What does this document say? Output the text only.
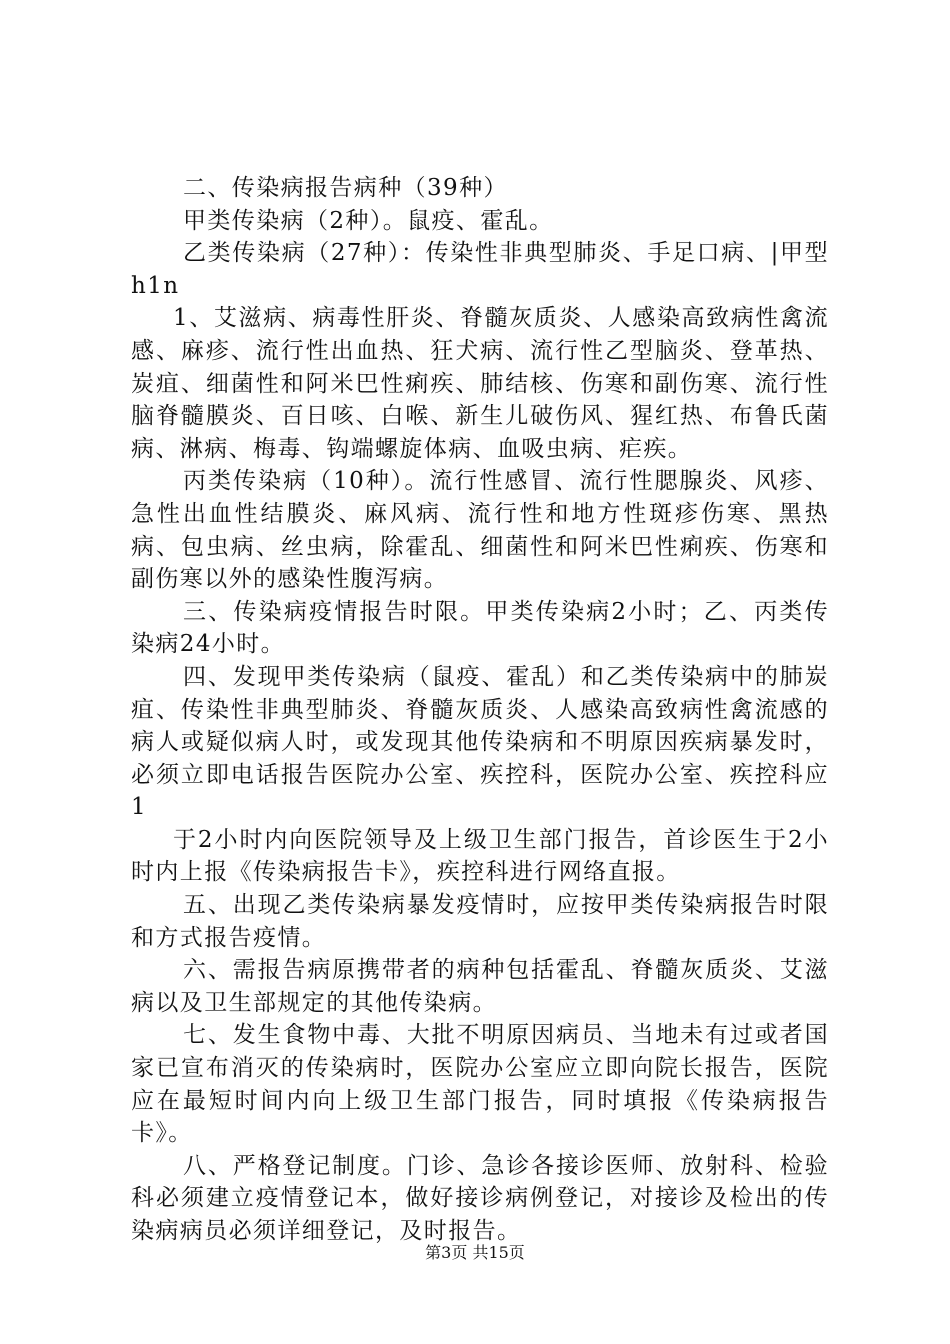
二、传染病报告病种（39种）

甲类传染病（2种）。鼠疫、霍乱。

乙类传染病（27种）：传染性非典型肺炎、手足口病、|甲型h1n

1、艾滋病、病毒性肝炎、脊髓灰质炎、人感染高致病性禽流感、麻疹、流行性出血热、狂犬病、流行性乙型脑炎、登革热、炭疽、细菌性和阿米巴性痢疾、肺结核、伤寒和副伤寒、流行性脑脊髓膜炎、百日咳、白喉、新生儿破伤风、猩红热、布鲁氏菌病、淋病、梅毒、钩端螺旋体病、血吸虫病、疟疾。

丙类传染病（10种）。流行性感冒、流行性腮腺炎、风疹、急性出血性结膜炎、麻风病、流行性和地方性斑疹伤寒、黑热病、包虫病、丝虫病，除霍乱、细菌性和阿米巴性痢疾、伤寒和副伤寒以外的感染性腹泻病。

三、传染病疫情报告时限。甲类传染病2小时；乙、丙类传染病24小时。

四、发现甲类传染病（鼠疫、霍乱）和乙类传染病中的肺炭疽、传染性非典型肺炎、脊髓灰质炎、人感染高致病性禽流感的病人或疑似病人时，或发现其他传染病和不明原因疾病暴发时，必须立即电话报告医院办公室、疾控科，医院办公室、疾控科应1

于2小时内向医院领导及上级卫生部门报告，首诊医生于2小时内上报《传染病报告卡》，疾控科进行网络直报。

五、出现乙类传染病暴发疫情时，应按甲类传染病报告时限和方式报告疫情。

六、需报告病原携带者的病种包括霍乱、脊髓灰质炎、艾滋病以及卫生部规定的其他传染病。

七、发生食物中毒、大批不明原因病员、当地未有过或者国家已宣布消灭的传染病时，医院办公室应立即向院长报告，医院应在最短时间内向上级卫生部门报告，同时填报《传染病报告卡》。

八、严格登记制度。门诊、急诊各接诊医师、放射科、检验科必须建立疫情登记本，做好接诊病例登记，对接诊及检出的传染病病员必须详细登记，及时报告。

第3页 共15页
